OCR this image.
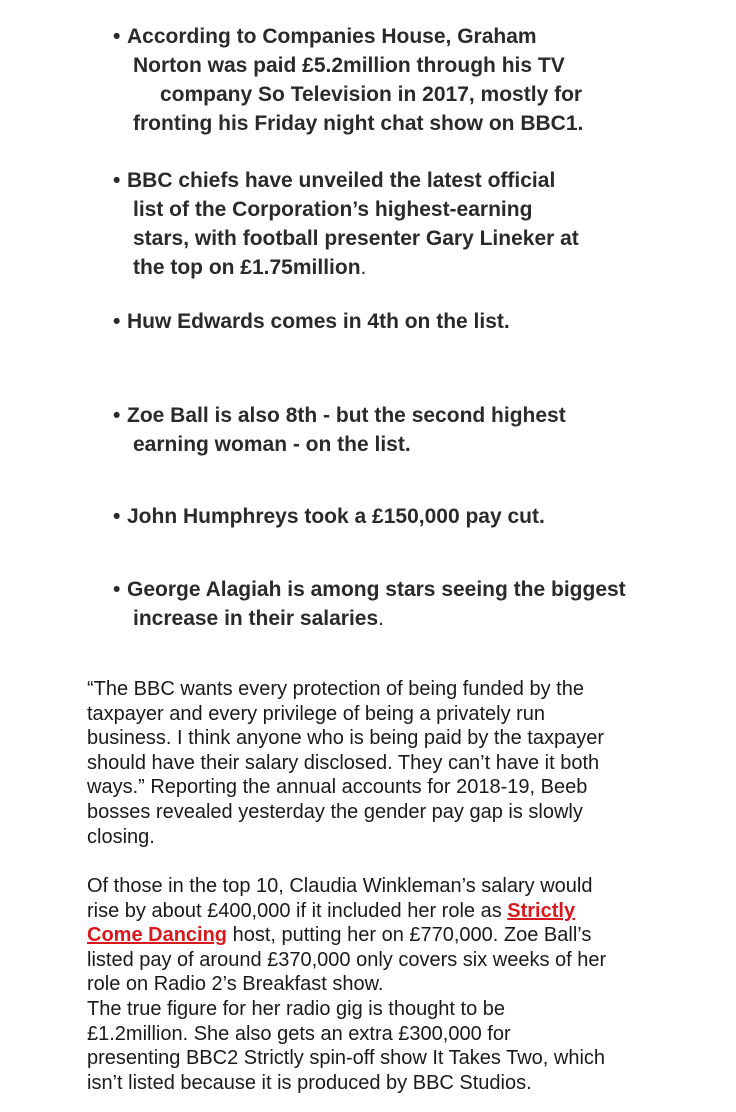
• According to Companies House, Graham
Norton was paid £5.2million through his TV
company So Television in 2017, mostly for
fronting his Friday night chat show on BBC1.
• BBC chiefs have unveiled the latest official
list of the Corporation’s highest-earning
stars, with football presenter Gary Lineker at
the top on £1.75million.
• Huw Edwards comes in 4th on the list.
• Zoe Ball is also 8th - but the second highest
earning woman - on the list.
• John Humphreys took a £150,000 pay cut.
• George Alagiah is among stars seeing the biggest
increase in their salaries.

“The BBC wants every protection of being funded by the
taxpayer and every privilege of being a privately run
business. I think anyone who is being paid by the taxpayer
should have their salary disclosed. They can’t have it both
ways.” Reporting the annual accounts for 2018-19, Beeb
bosses revealed yesterday the gender pay gap is slowly
closing.

Of those in the top 10, Claudia Winkleman’s salary would
rise by about £400,000 if it included her role as Strictly
Come Dancing host, putting her on £770,000. Zoe Ball’s
listed pay of around £370,000 only covers six weeks of her
role on Radio 2’s Breakfast show.
The true figure for her radio gig is thought to be
£1.2million. She also gets an extra £300,000 for
presenting BBC2 Strictly spin-off show It Takes Two, which
isn’t listed because it is produced by BBC Studios.
